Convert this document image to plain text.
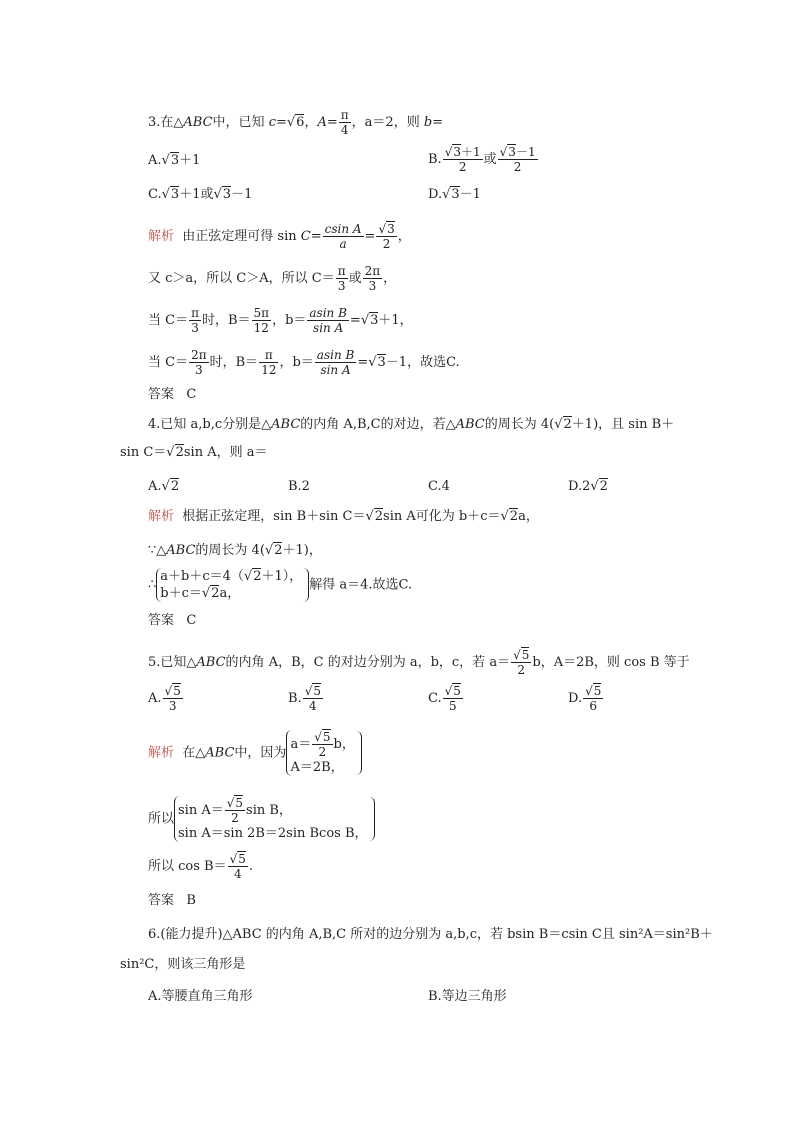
3.在△ABC中，已知 c=√6，$A= \frac{\pi}{4}$ ，a＝2，则 b=
A.√3＋1	B. $\frac{√3+1}{2}$ 或 $\frac{√3-1}{2}$
C.√3＋1或√3－1	D.√3－1
解析 由正弦定理可得 $\sin C= \frac{\text{csin A}}{a} = \frac{√3}{2}$ ，
又 c＞a，所以 C＞A，所以 $C= \frac{\pi}{3}$ 或 $\frac{2\pi}{3}$ ，
当 $C= \frac{\pi}{3}$ 时，$B= \frac{5\pi}{12}$ ，$b= \frac{\text{asin B}}{\text{sin A}} =√3+1$，
当 $C= \frac{2\pi}{3}$ 时，$B= \frac{\pi}{12}$ ，$b= \frac{\text{asin B}}{\text{sin A}} =√3-1$，故选C.
答案 C
4.已知 a,b,c分别是△ABC的内角 A,B,C的对边，若△ABC的周长为 4(√2＋1)，且 sin B＋
sin C＝√2sin A，则 a＝
A.√2	B.2	C.4	D.2√2
解析 根据正弦定理，sin B＋sin C＝√2sin A可化为 b＋c＝√2a，
∵△ABC的周长为 4(√2＋1)，
∴
a＋b＋c＝4（√2＋1），
b＋c＝√2a，
解得 a＝4.故选C.
答案 C
5.已知△ABC的内角 A，B，C 的对边分别为 a，b，c，若 $a= \frac{√5}{2}$ b，A＝2B，则 cos B 等于
A. $\frac{√5}{3}$	B. $\frac{√5}{4}$	C. $\frac{√5}{5}$	D. $\frac{√5}{6}$
解析 在△ABC中，因为
$a= \frac{√5}{2}$ b，
A＝2B，
所以
$\sin A= \frac{√5}{2}$ sin B，
sin A＝sin 2B＝2sin Bcos B，
所以 $\cos B= \frac{√5}{4}$ .
答案 B
6.(能力提升)△ABC 的内角 A,B,C 所对的边分别为 a,b,c，若 bsin B＝csin C且 sin²A＝sin²B＋
sin²C，则该三角形是
A.等腰直角三角形	B.等边三角形
